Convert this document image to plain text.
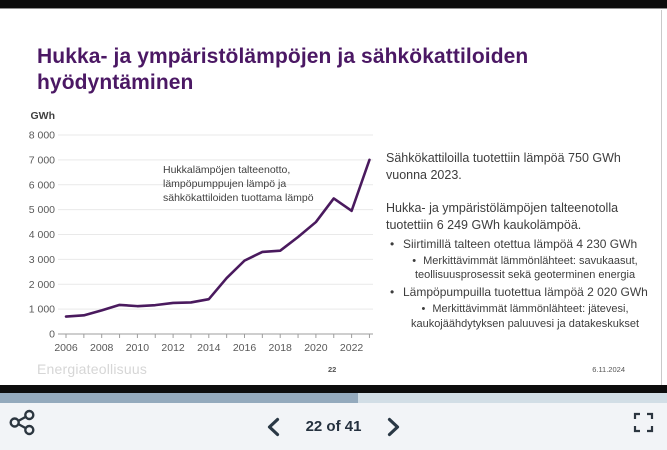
Hukka- ja ympäristölämpöjen ja sähkökattiloiden hyödyntäminen
0
1 000
2 000
3 000
4 000
5 000
6 000
7 000
8 000
GWh
2006 2008 2010 2012 2014 2016 2018 2020 2022
Hukkalämpöjen talteenotto,
lämpöpumppujen lämpö ja
sähkökattiloiden tuottama lämpö

Sähkökattiloilla tuotettiin lämpöä 750 GWh vuonna 2023.

Hukka- ja ympäristölämpöjen talteenotolla tuotettiin 6 249 GWh kaukolämpöä.

• Siirtimillä talteen otettua lämpöä 4 230 GWh
• Merkittävimmät lämmönlähteet: savukaasut, teollisuusprosessit sekä geoterminen energia
• Lämpöpumpuilla tuotettua lämpöä 2 020 GWh
• Merkittävimmät lämmönlähteet: jätevesi, kaukojäähdytyksen paluuvesi ja datakeskukset
Energiateollisuus	22	6.11.2024
22 of 41
